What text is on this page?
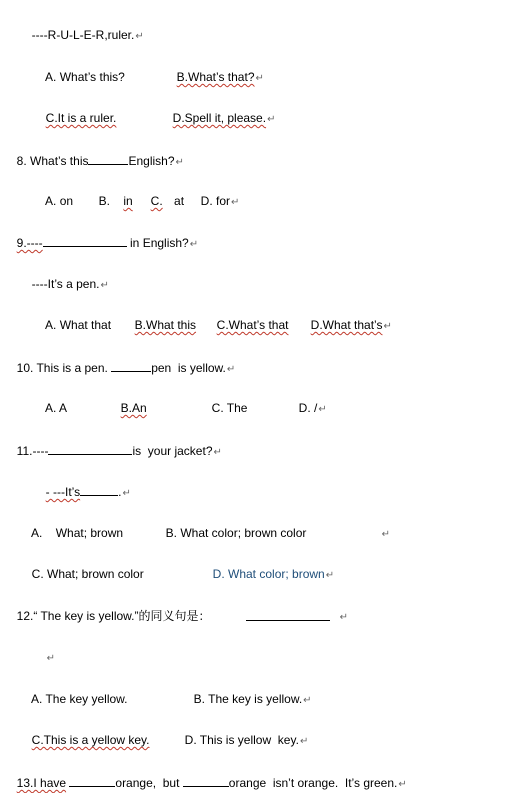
----R-U-L-E-R,ruler.↵

A. What’s this?	B.What’s that?↵

C.It is a ruler.	D.Spell it, please.↵

8. What’s this	English?↵

A. on	B. in	C. at	D. for↵

9.----	in English?↵

----It’s a pen.↵

A. What that	B.What this	C.What’s that	D.What that’s↵

10. This is a pen.	pen  is yellow.↵

A. A	B.An	C. The	D. /↵

11.----	is  your jacket?↵

- ---It’s	.↵

A.    What; brown	B. What color; brown color	↵

C. What; brown color	D. What color; brown↵

12.“ The key is yellow.”的同义句是：

	↵

↵

A. The key yellow.	B. The key is yellow.↵

C.This is a yellow key.	D. This is yellow  key.↵

13.I have	orange,  but	orange  isn’t orange.  It’s green.↵
